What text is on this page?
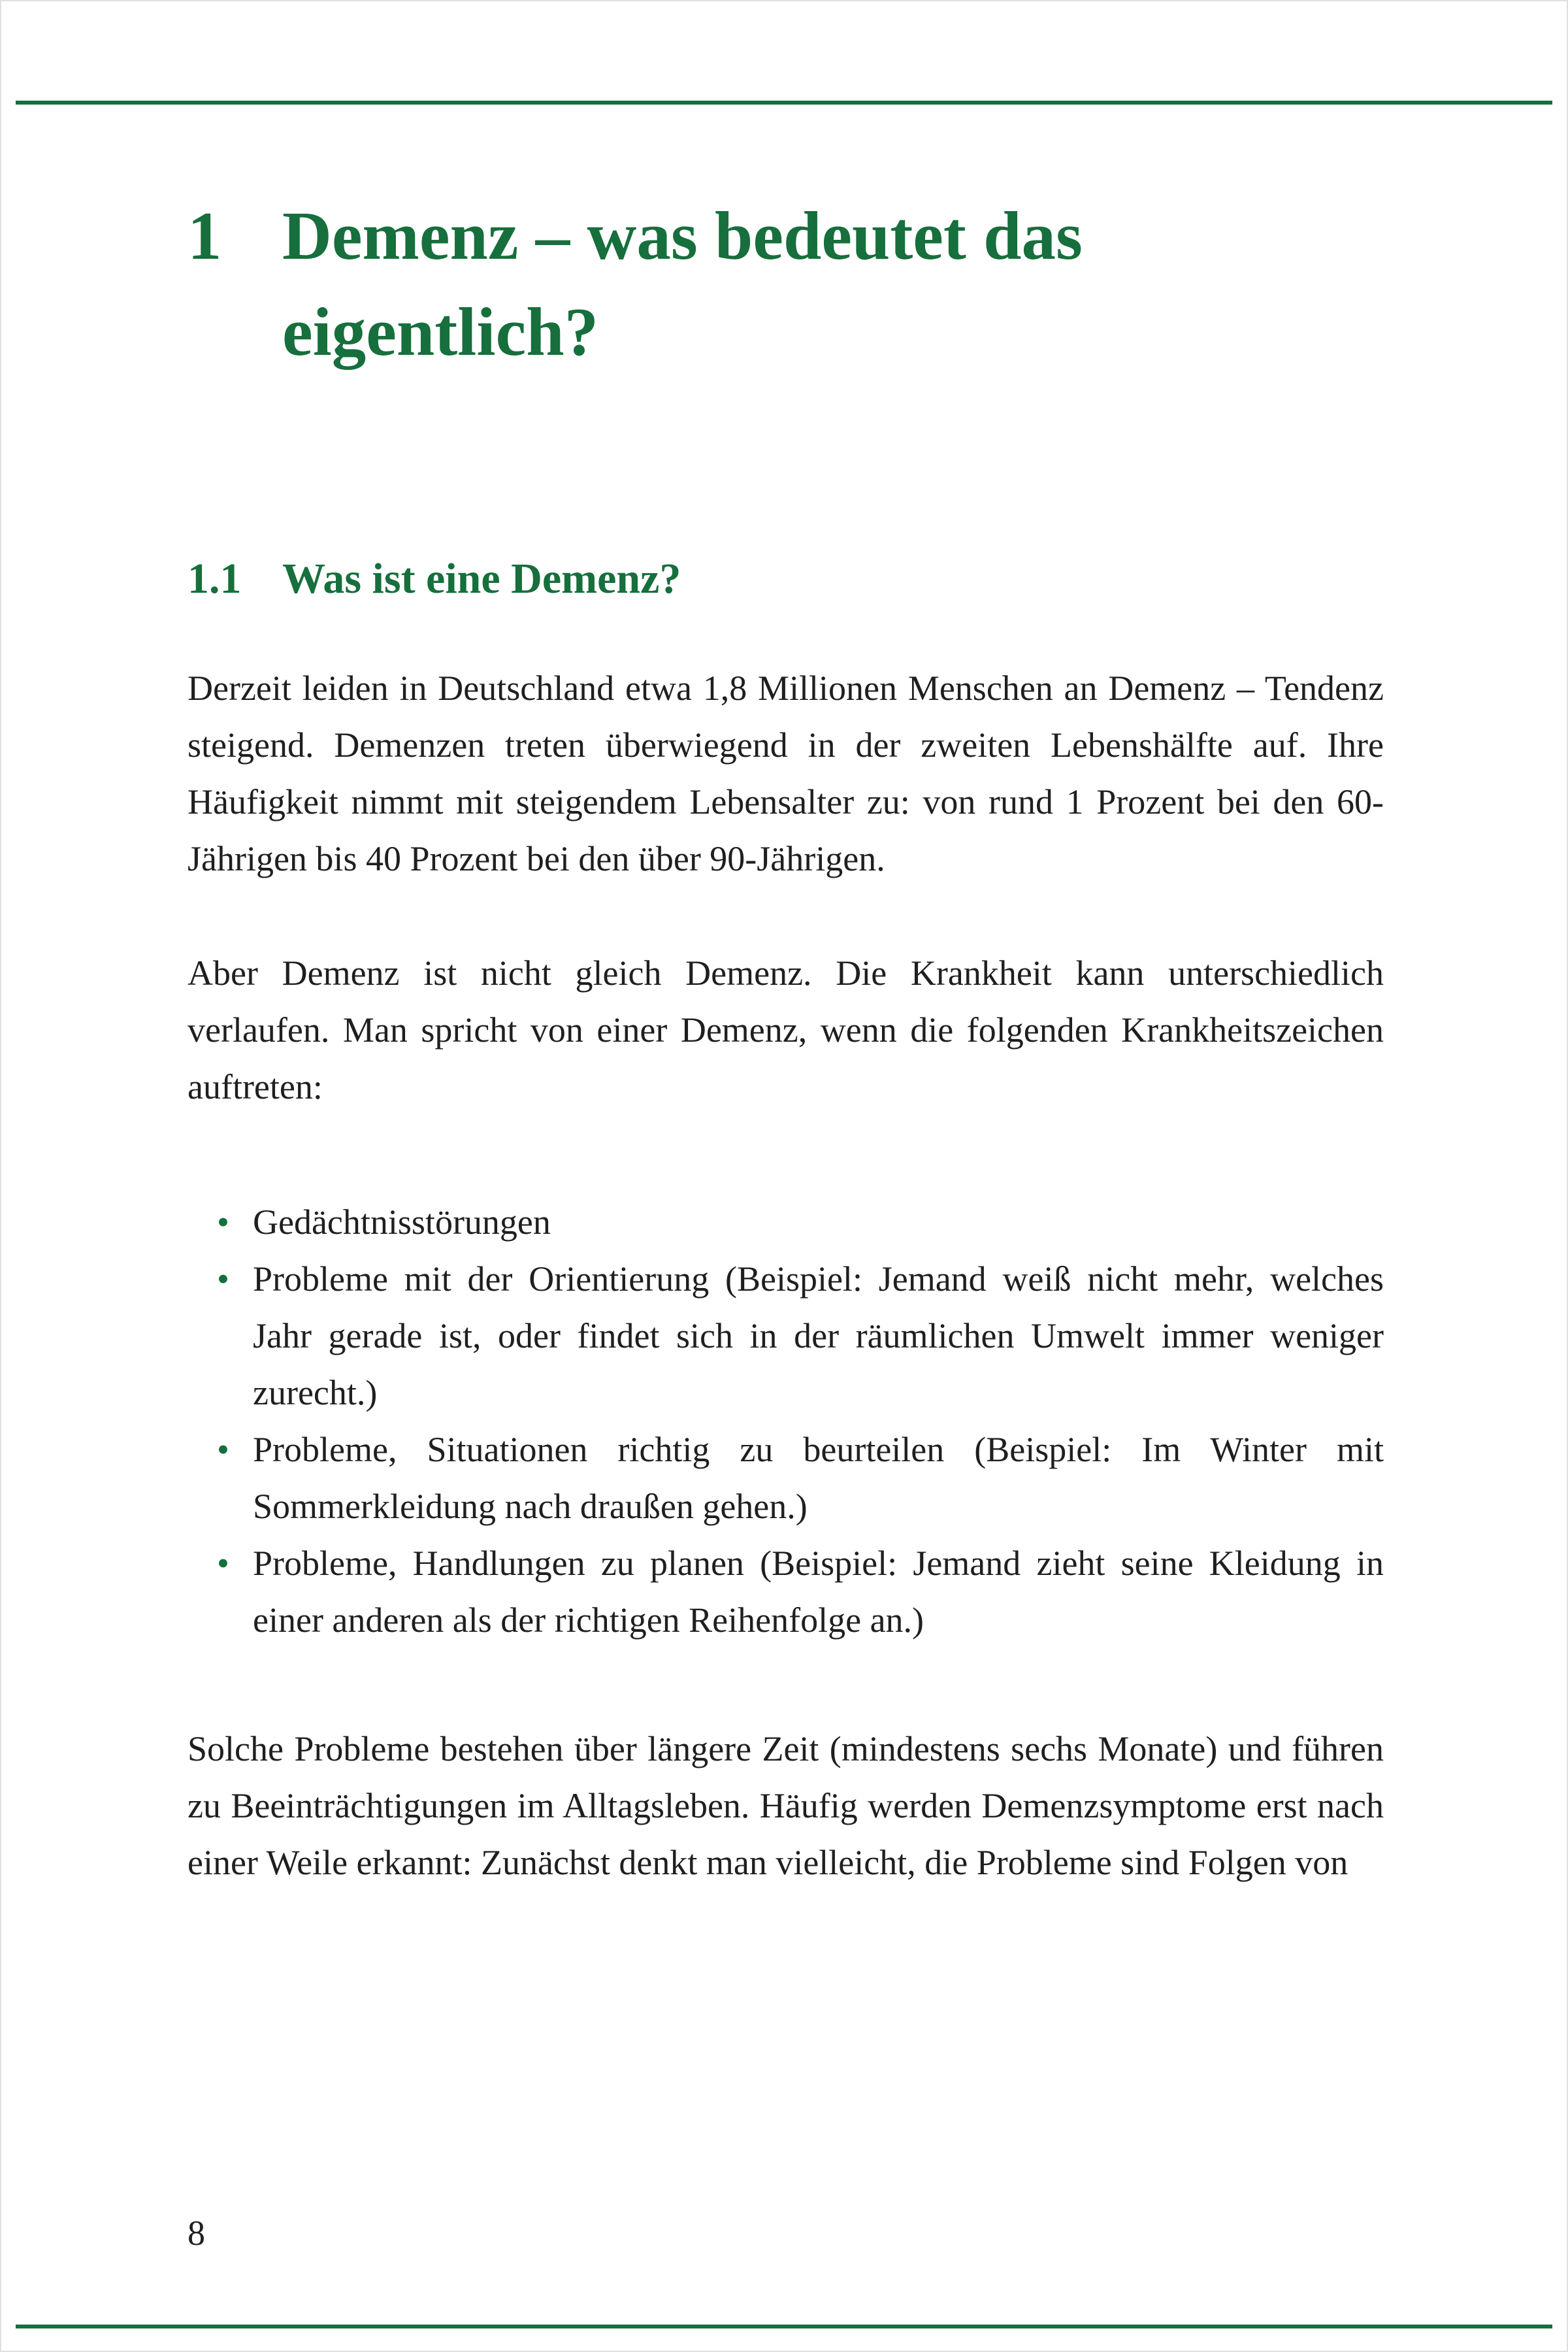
1 Demenz – was bedeutet das eigentlich?
1.1 Was ist eine Demenz?

Derzeit leiden in Deutschland etwa 1,8 Millionen Menschen an Demenz – Tendenz steigend. Demenzen treten überwiegend in der zweiten Lebenshälfte auf. Ihre Häufigkeit nimmt mit steigendem Lebensalter zu: von rund 1 Prozent bei den 60-Jährigen bis 40 Prozent bei den über 90-Jährigen.

Aber Demenz ist nicht gleich Demenz. Die Krankheit kann unterschiedlich verlaufen. Man spricht von einer Demenz, wenn die folgenden Krankheitszeichen auftreten:

• Gedächtnisstörungen
• Probleme mit der Orientierung (Beispiel: Jemand weiß nicht mehr, welches Jahr gerade ist, oder findet sich in der räumlichen Umwelt immer weniger zurecht.)
• Probleme, Situationen richtig zu beurteilen (Beispiel: Im Winter mit Sommerkleidung nach draußen gehen.)
• Probleme, Handlungen zu planen (Beispiel: Jemand zieht seine Kleidung in einer anderen als der richtigen Reihenfolge an.)

Solche Probleme bestehen über längere Zeit (mindestens sechs Monate) und führen zu Beeinträchtigungen im Alltagsleben. Häufig werden Demenzsymptome erst nach einer Weile erkannt: Zunächst denkt man vielleicht, die Probleme sind Folgen von

8
